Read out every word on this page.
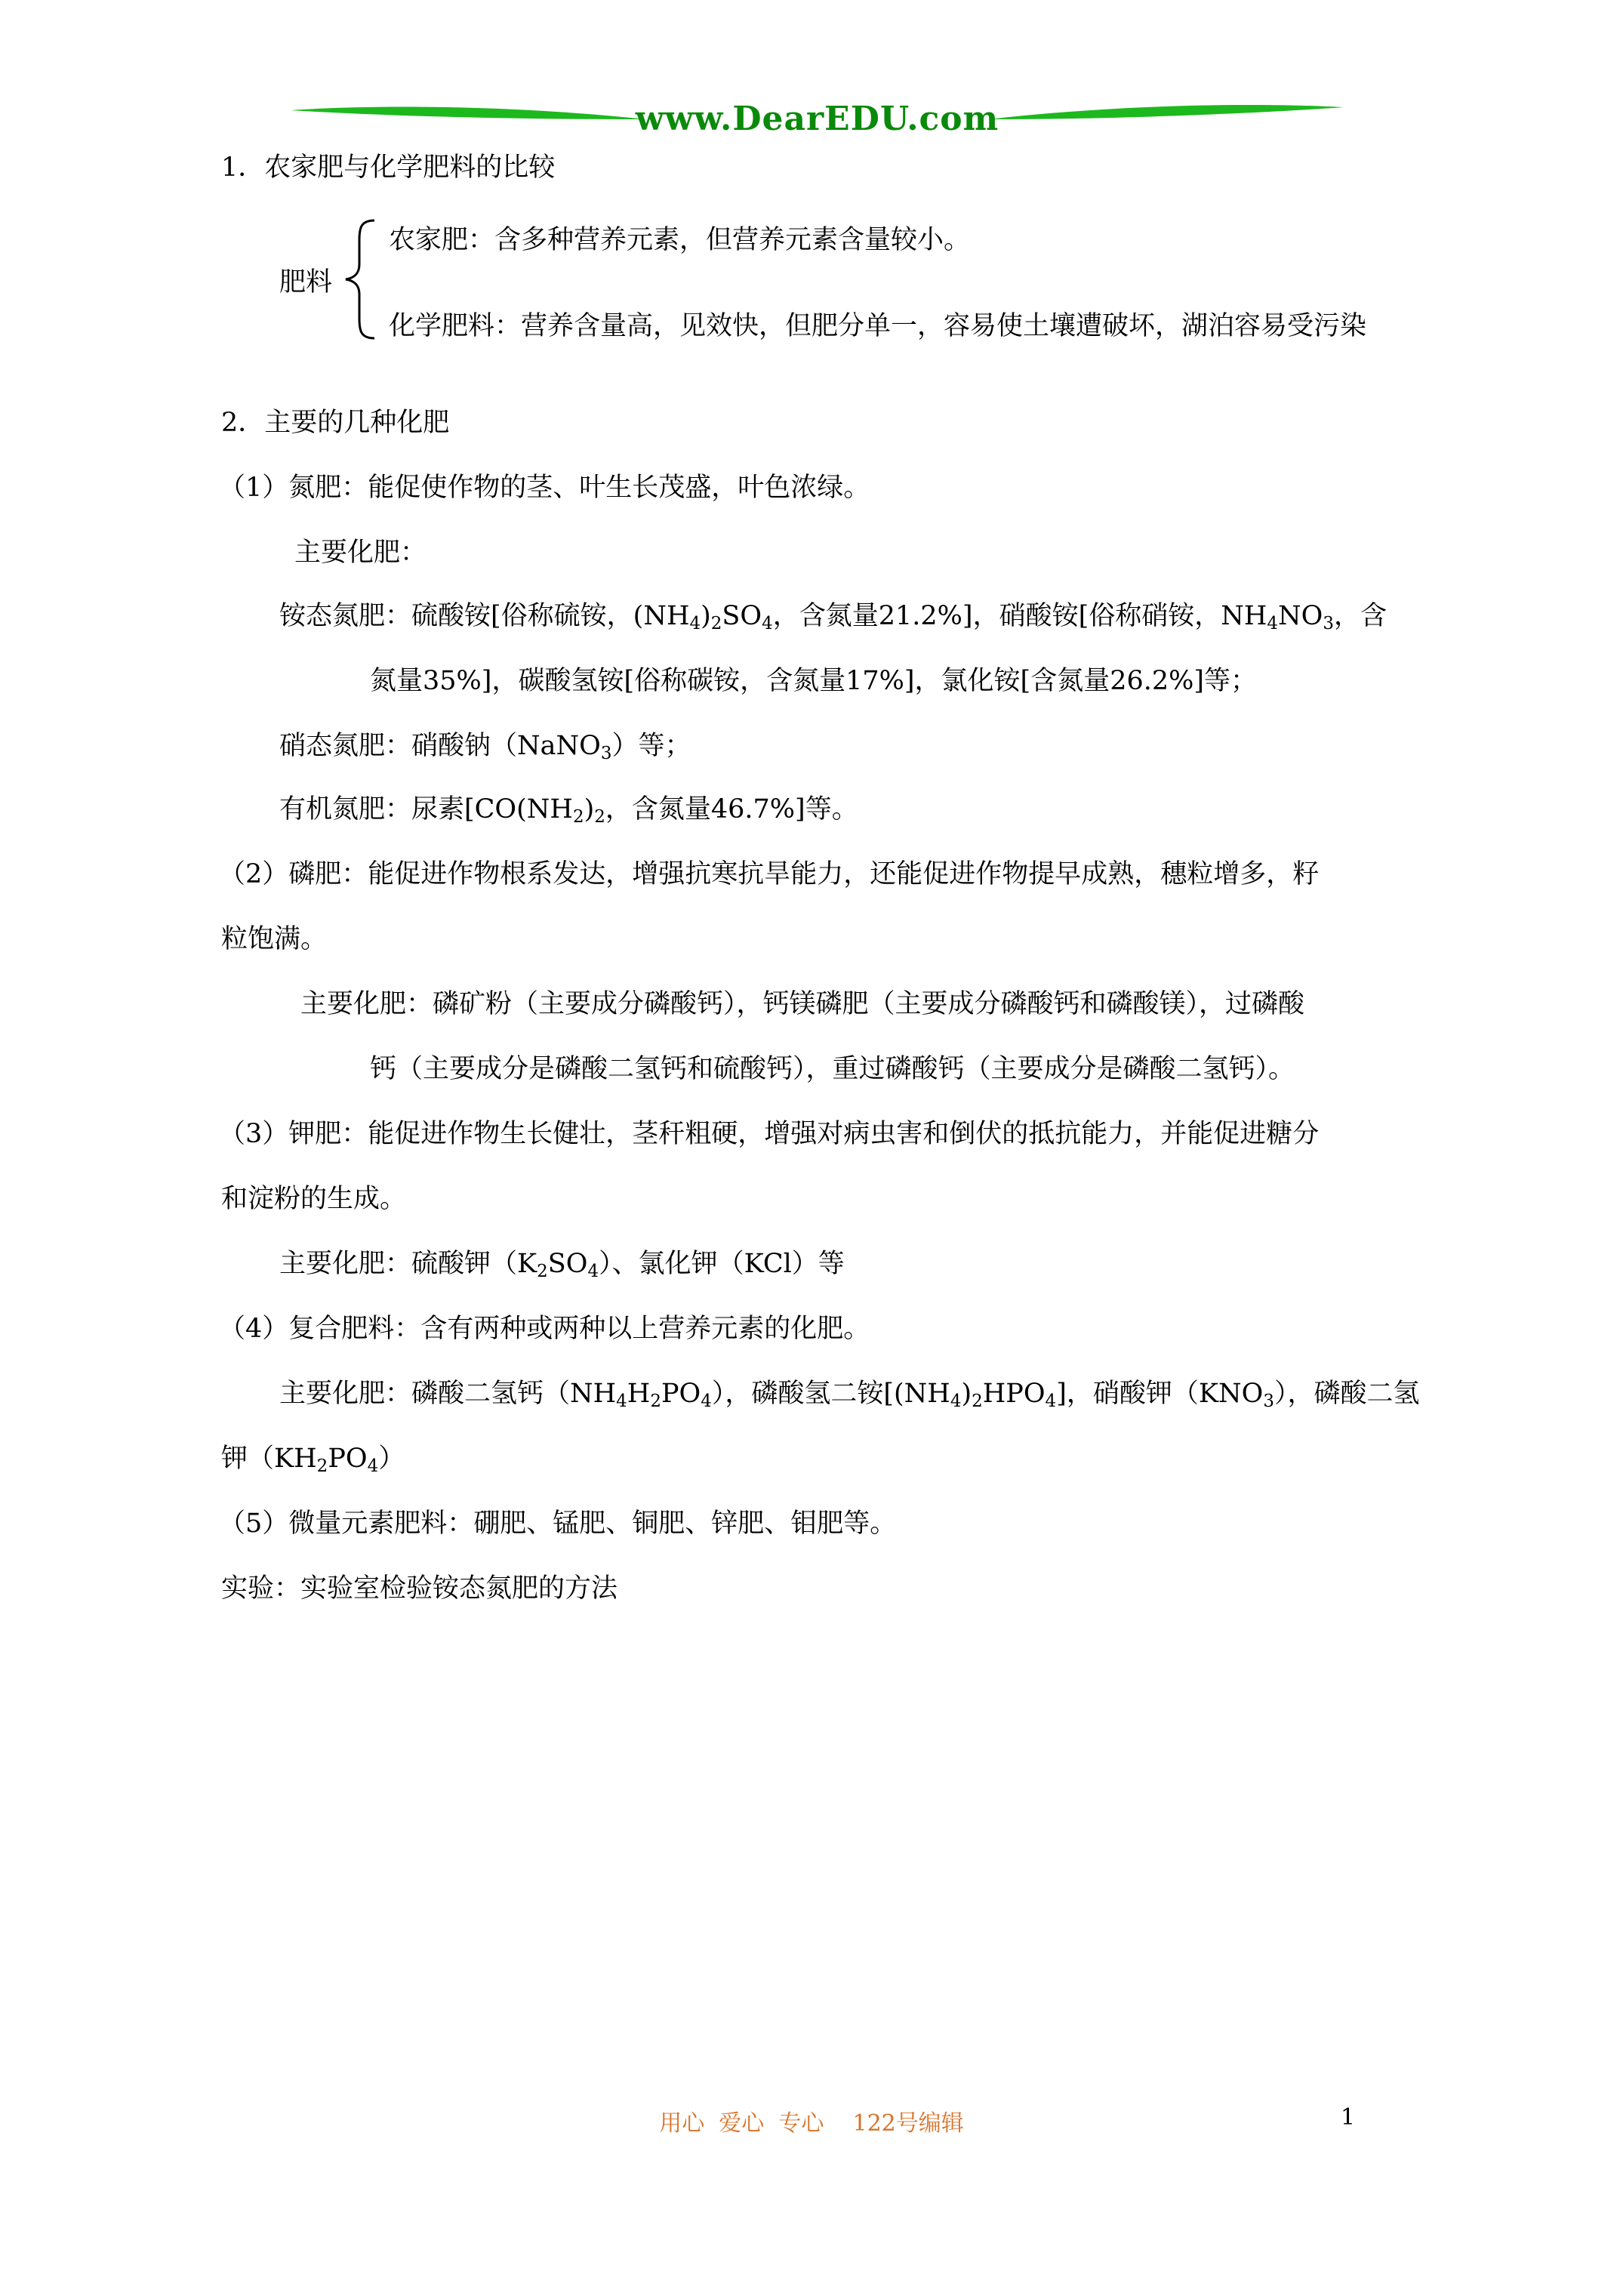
www.DearEDU.com
1．农家肥与化学肥料的比较
肥料
农家肥：含多种营养元素，但营养元素含量较小。
化学肥料：营养含量高，见效快，但肥分单一，容易使土壤遭破坏，湖泊容易受污染
2．主要的几种化肥
（1）氮肥：能促使作物的茎、叶生长茂盛，叶色浓绿。
主要化肥：
铵态氮肥：硫酸铵[俗称硫铵，$(NH_4)_2SO_4$，含氮量21.2%]，硝酸铵[俗称硝铵，$NH_4NO_3$，含
氮量35%]，碳酸氢铵[俗称碳铵，含氮量17%]，氯化铵[含氮量26.2%]等；
硝态氮肥：硝酸钠（NaNO$_3$）等；
有机氮肥：尿素[$CO(NH_2)_2$，含氮量46.7%]等。
（2）磷肥：能促进作物根系发达，增强抗寒抗旱能力，还能促进作物提早成熟，穗粒增多，籽
粒饱满。
主要化肥：磷矿粉（主要成分磷酸钙），钙镁磷肥（主要成分磷酸钙和磷酸镁），过磷酸
钙（主要成分是磷酸二氢钙和硫酸钙），重过磷酸钙（主要成分是磷酸二氢钙）。
（3）钾肥：能促进作物生长健壮，茎秆粗硬，增强对病虫害和倒伏的抵抗能力，并能促进糖分
和淀粉的生成。
主要化肥：硫酸钾$(K_2SO_4)$、氯化钾（KCl）等
（4）复合肥料：含有两种或两种以上营养元素的化肥。
主要化肥：磷酸二氢钙$(NH_4H_2PO_4)$，磷酸氢二铵$[(NH_4)_2HPO_4]$，硝酸钾$(KNO_3)$，磷酸二氢
钾$(KH_2PO_4)$
（5）微量元素肥料：硼肥、锰肥、铜肥、锌肥、钼肥等。
实验：实验室检验铵态氮肥的方法
用心  爱心  专心    122号编辑	1
